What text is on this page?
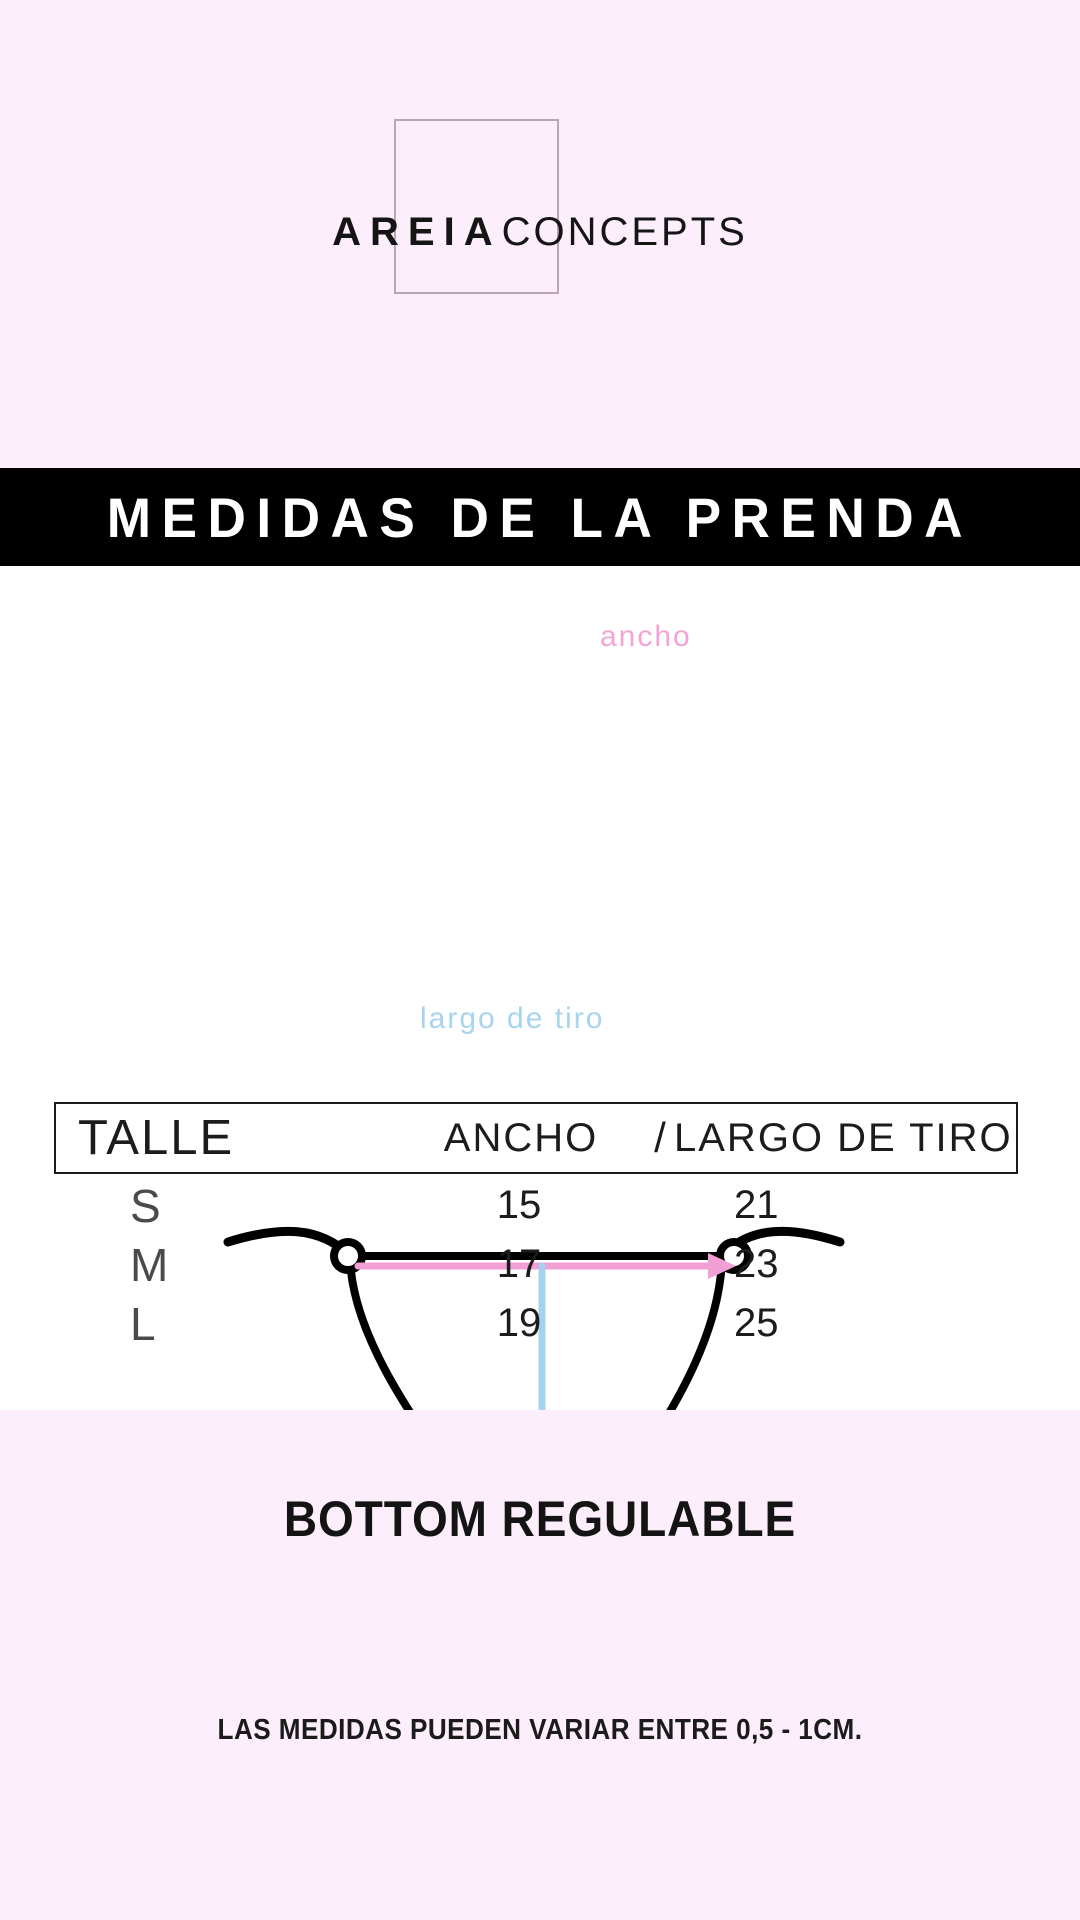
AREIACONCEPTS
MEDIDAS DE LA PRENDA
ancho
largo de tiro
TALLE	ANCHO	/ LARGO DE TIRO
S	15	21
M	17	23
L	19	25
BOTTOM REGULABLE
LAS MEDIDAS PUEDEN VARIAR ENTRE 0,5 - 1CM.
